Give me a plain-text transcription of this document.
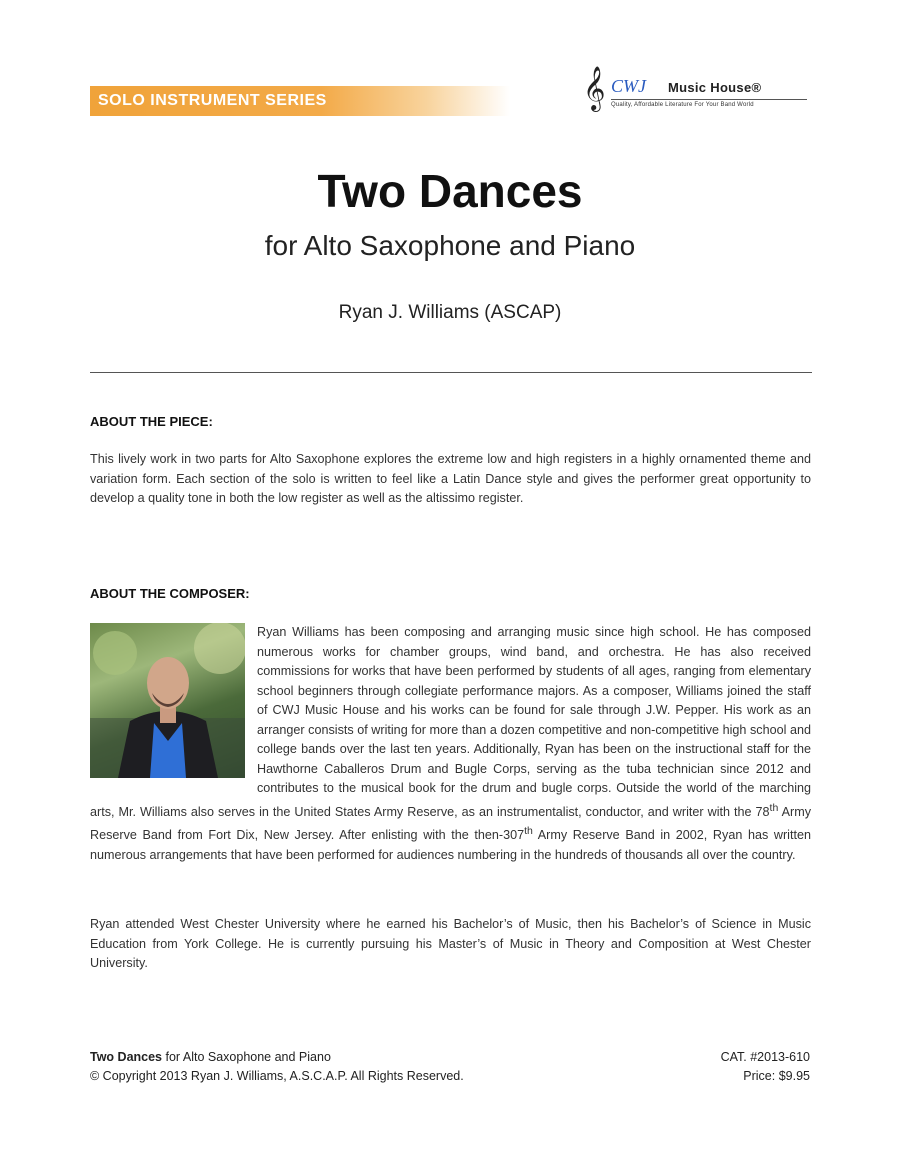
SOLO INSTRUMENT SERIES	𝄞 CWJ Music House®
Quality, Affordable Literature For Your Band World
Two Dances
for Alto Saxophone and Piano
Ryan J. Williams (ASCAP)
ABOUT THE PIECE:
This lively work in two parts for Alto Saxophone explores the extreme low and high registers in a highly ornamented theme and variation form. Each section of the solo is written to feel like a Latin Dance style and gives the performer great opportunity to develop a quality tone in both the low register as well as the altissimo register.
ABOUT THE COMPOSER:
Ryan Williams has been composing and arranging music since high school. He has composed numerous works for chamber groups, wind band, and orchestra. He has also received commissions for works that have been performed by students of all ages, ranging from elementary school beginners through collegiate performance majors. As a composer, Williams joined the staff of CWJ Music House and his works can be found for sale through J.W. Pepper. His work as an arranger consists of writing for more than a dozen competitive and non-competitive high school and college bands over the last ten years. Additionally, Ryan has been on the instructional staff for the Hawthorne Caballeros Drum and Bugle Corps, serving as the tuba technician since 2012 and contributes to the musical book for the drum and bugle corps. Outside the world of the marching arts, Mr. Williams also serves in the United States Army Reserve, as an instrumentalist, conductor, and writer with the 78th Army Reserve Band from Fort Dix, New Jersey. After enlisting with the then-307th Army Reserve Band in 2002, Ryan has written numerous arrangements that have been performed for audiences numbering in the hundreds of thousands all over the country.
Ryan attended West Chester University where he earned his Bachelor’s of Music, then his Bachelor’s of Science in Music Education from York College. He is currently pursuing his Master’s of Music in Theory and Composition at West Chester University.
Two Dances for Alto Saxophone and Piano
© Copyright 2013 Ryan J. Williams, A.S.C.A.P. All Rights Reserved.
CAT. #2013-610
Price: $9.95
